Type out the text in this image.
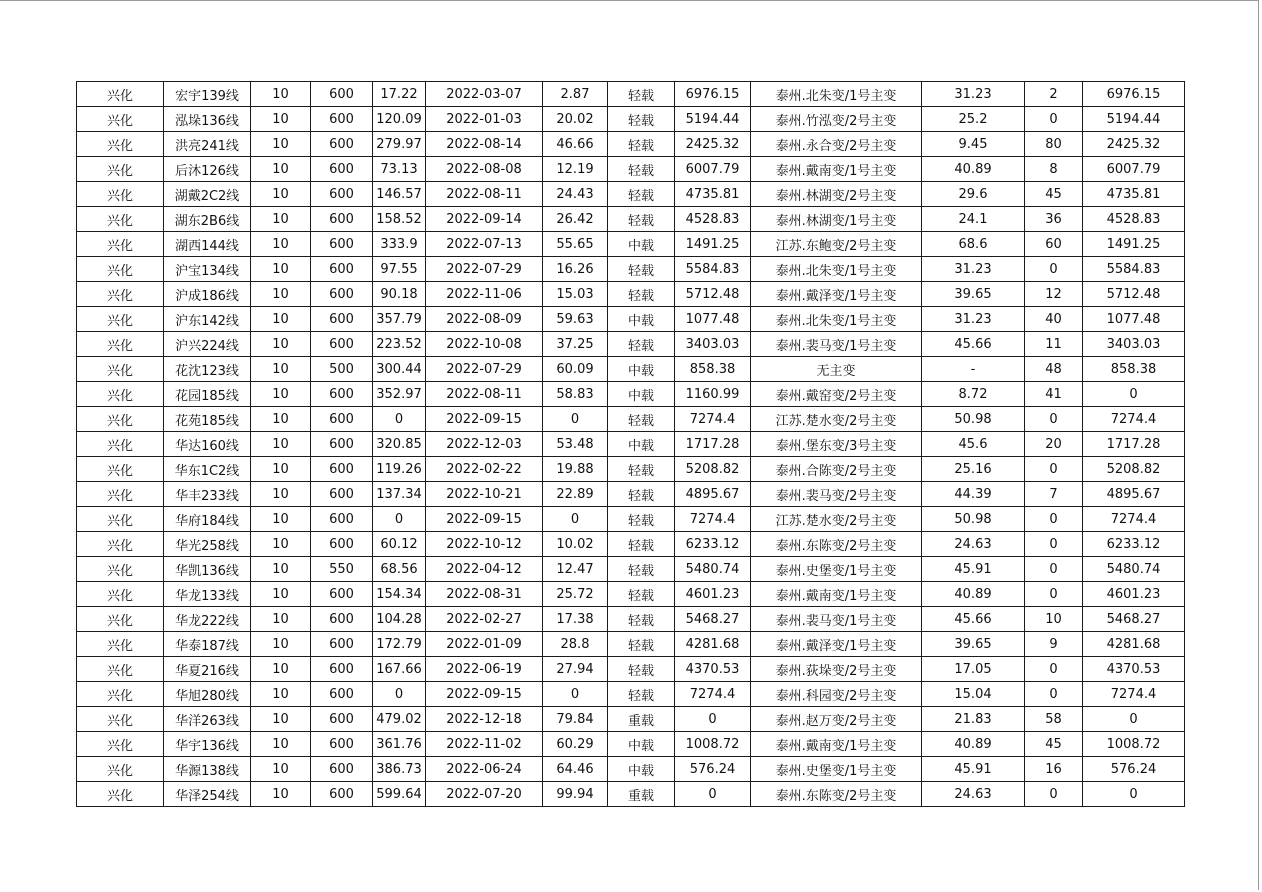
兴化	宏宇139线	10	600	17.22	2022-03-07	2.87	轻载	6976.15	泰州.北朱变/1号主变	31.23	2	6976.15
兴化	泓垛136线	10	600	120.09	2022-01-03	20.02	轻载	5194.44	泰州.竹泓变/2号主变	25.2	0	5194.44
兴化	洪亮241线	10	600	279.97	2022-08-14	46.66	轻载	2425.32	泰州.永合变/2号主变	9.45	80	2425.32
兴化	后沐126线	10	600	73.13	2022-08-08	12.19	轻载	6007.79	泰州.戴南变/1号主变	40.89	8	6007.79
兴化	湖戴2C2线	10	600	146.57	2022-08-11	24.43	轻载	4735.81	泰州.林湖变/2号主变	29.6	45	4735.81
兴化	湖东2B6线	10	600	158.52	2022-09-14	26.42	轻载	4528.83	泰州.林湖变/1号主变	24.1	36	4528.83
兴化	湖西144线	10	600	333.9	2022-07-13	55.65	中载	1491.25	江苏.东鲍变/2号主变	68.6	60	1491.25
兴化	沪宝134线	10	600	97.55	2022-07-29	16.26	轻载	5584.83	泰州.北朱变/1号主变	31.23	0	5584.83
兴化	沪成186线	10	600	90.18	2022-11-06	15.03	轻载	5712.48	泰州.戴泽变/1号主变	39.65	12	5712.48
兴化	沪东142线	10	600	357.79	2022-08-09	59.63	中载	1077.48	泰州.北朱变/1号主变	31.23	40	1077.48
兴化	沪兴224线	10	600	223.52	2022-10-08	37.25	轻载	3403.03	泰州.裴马变/1号主变	45.66	11	3403.03
兴化	花沈123线	10	500	300.44	2022-07-29	60.09	中载	858.38	无主变	-	48	858.38
兴化	花园185线	10	600	352.97	2022-08-11	58.83	中载	1160.99	泰州.戴窑变/2号主变	8.72	41	0
兴化	花苑185线	10	600	0	2022-09-15	0	轻载	7274.4	江苏.楚水变/2号主变	50.98	0	7274.4
兴化	华达160线	10	600	320.85	2022-12-03	53.48	中载	1717.28	泰州.堡东变/3号主变	45.6	20	1717.28
兴化	华东1C2线	10	600	119.26	2022-02-22	19.88	轻载	5208.82	泰州.合陈变/2号主变	25.16	0	5208.82
兴化	华丰233线	10	600	137.34	2022-10-21	22.89	轻载	4895.67	泰州.裴马变/2号主变	44.39	7	4895.67
兴化	华府184线	10	600	0	2022-09-15	0	轻载	7274.4	江苏.楚水变/2号主变	50.98	0	7274.4
兴化	华光258线	10	600	60.12	2022-10-12	10.02	轻载	6233.12	泰州.东陈变/2号主变	24.63	0	6233.12
兴化	华凯136线	10	550	68.56	2022-04-12	12.47	轻载	5480.74	泰州.史堡变/1号主变	45.91	0	5480.74
兴化	华龙133线	10	600	154.34	2022-08-31	25.72	轻载	4601.23	泰州.戴南变/1号主变	40.89	0	4601.23
兴化	华龙222线	10	600	104.28	2022-02-27	17.38	轻载	5468.27	泰州.裴马变/1号主变	45.66	10	5468.27
兴化	华泰187线	10	600	172.79	2022-01-09	28.8	轻载	4281.68	泰州.戴泽变/1号主变	39.65	9	4281.68
兴化	华夏216线	10	600	167.66	2022-06-19	27.94	轻载	4370.53	泰州.荻垛变/2号主变	17.05	0	4370.53
兴化	华旭280线	10	600	0	2022-09-15	0	轻载	7274.4	泰州.科园变/2号主变	15.04	0	7274.4
兴化	华洋263线	10	600	479.02	2022-12-18	79.84	重载	0	泰州.赵万变/2号主变	21.83	58	0
兴化	华宇136线	10	600	361.76	2022-11-02	60.29	中载	1008.72	泰州.戴南变/1号主变	40.89	45	1008.72
兴化	华源138线	10	600	386.73	2022-06-24	64.46	中载	576.24	泰州.史堡变/1号主变	45.91	16	576.24
兴化	华泽254线	10	600	599.64	2022-07-20	99.94	重载	0	泰州.东陈变/2号主变	24.63	0	0
